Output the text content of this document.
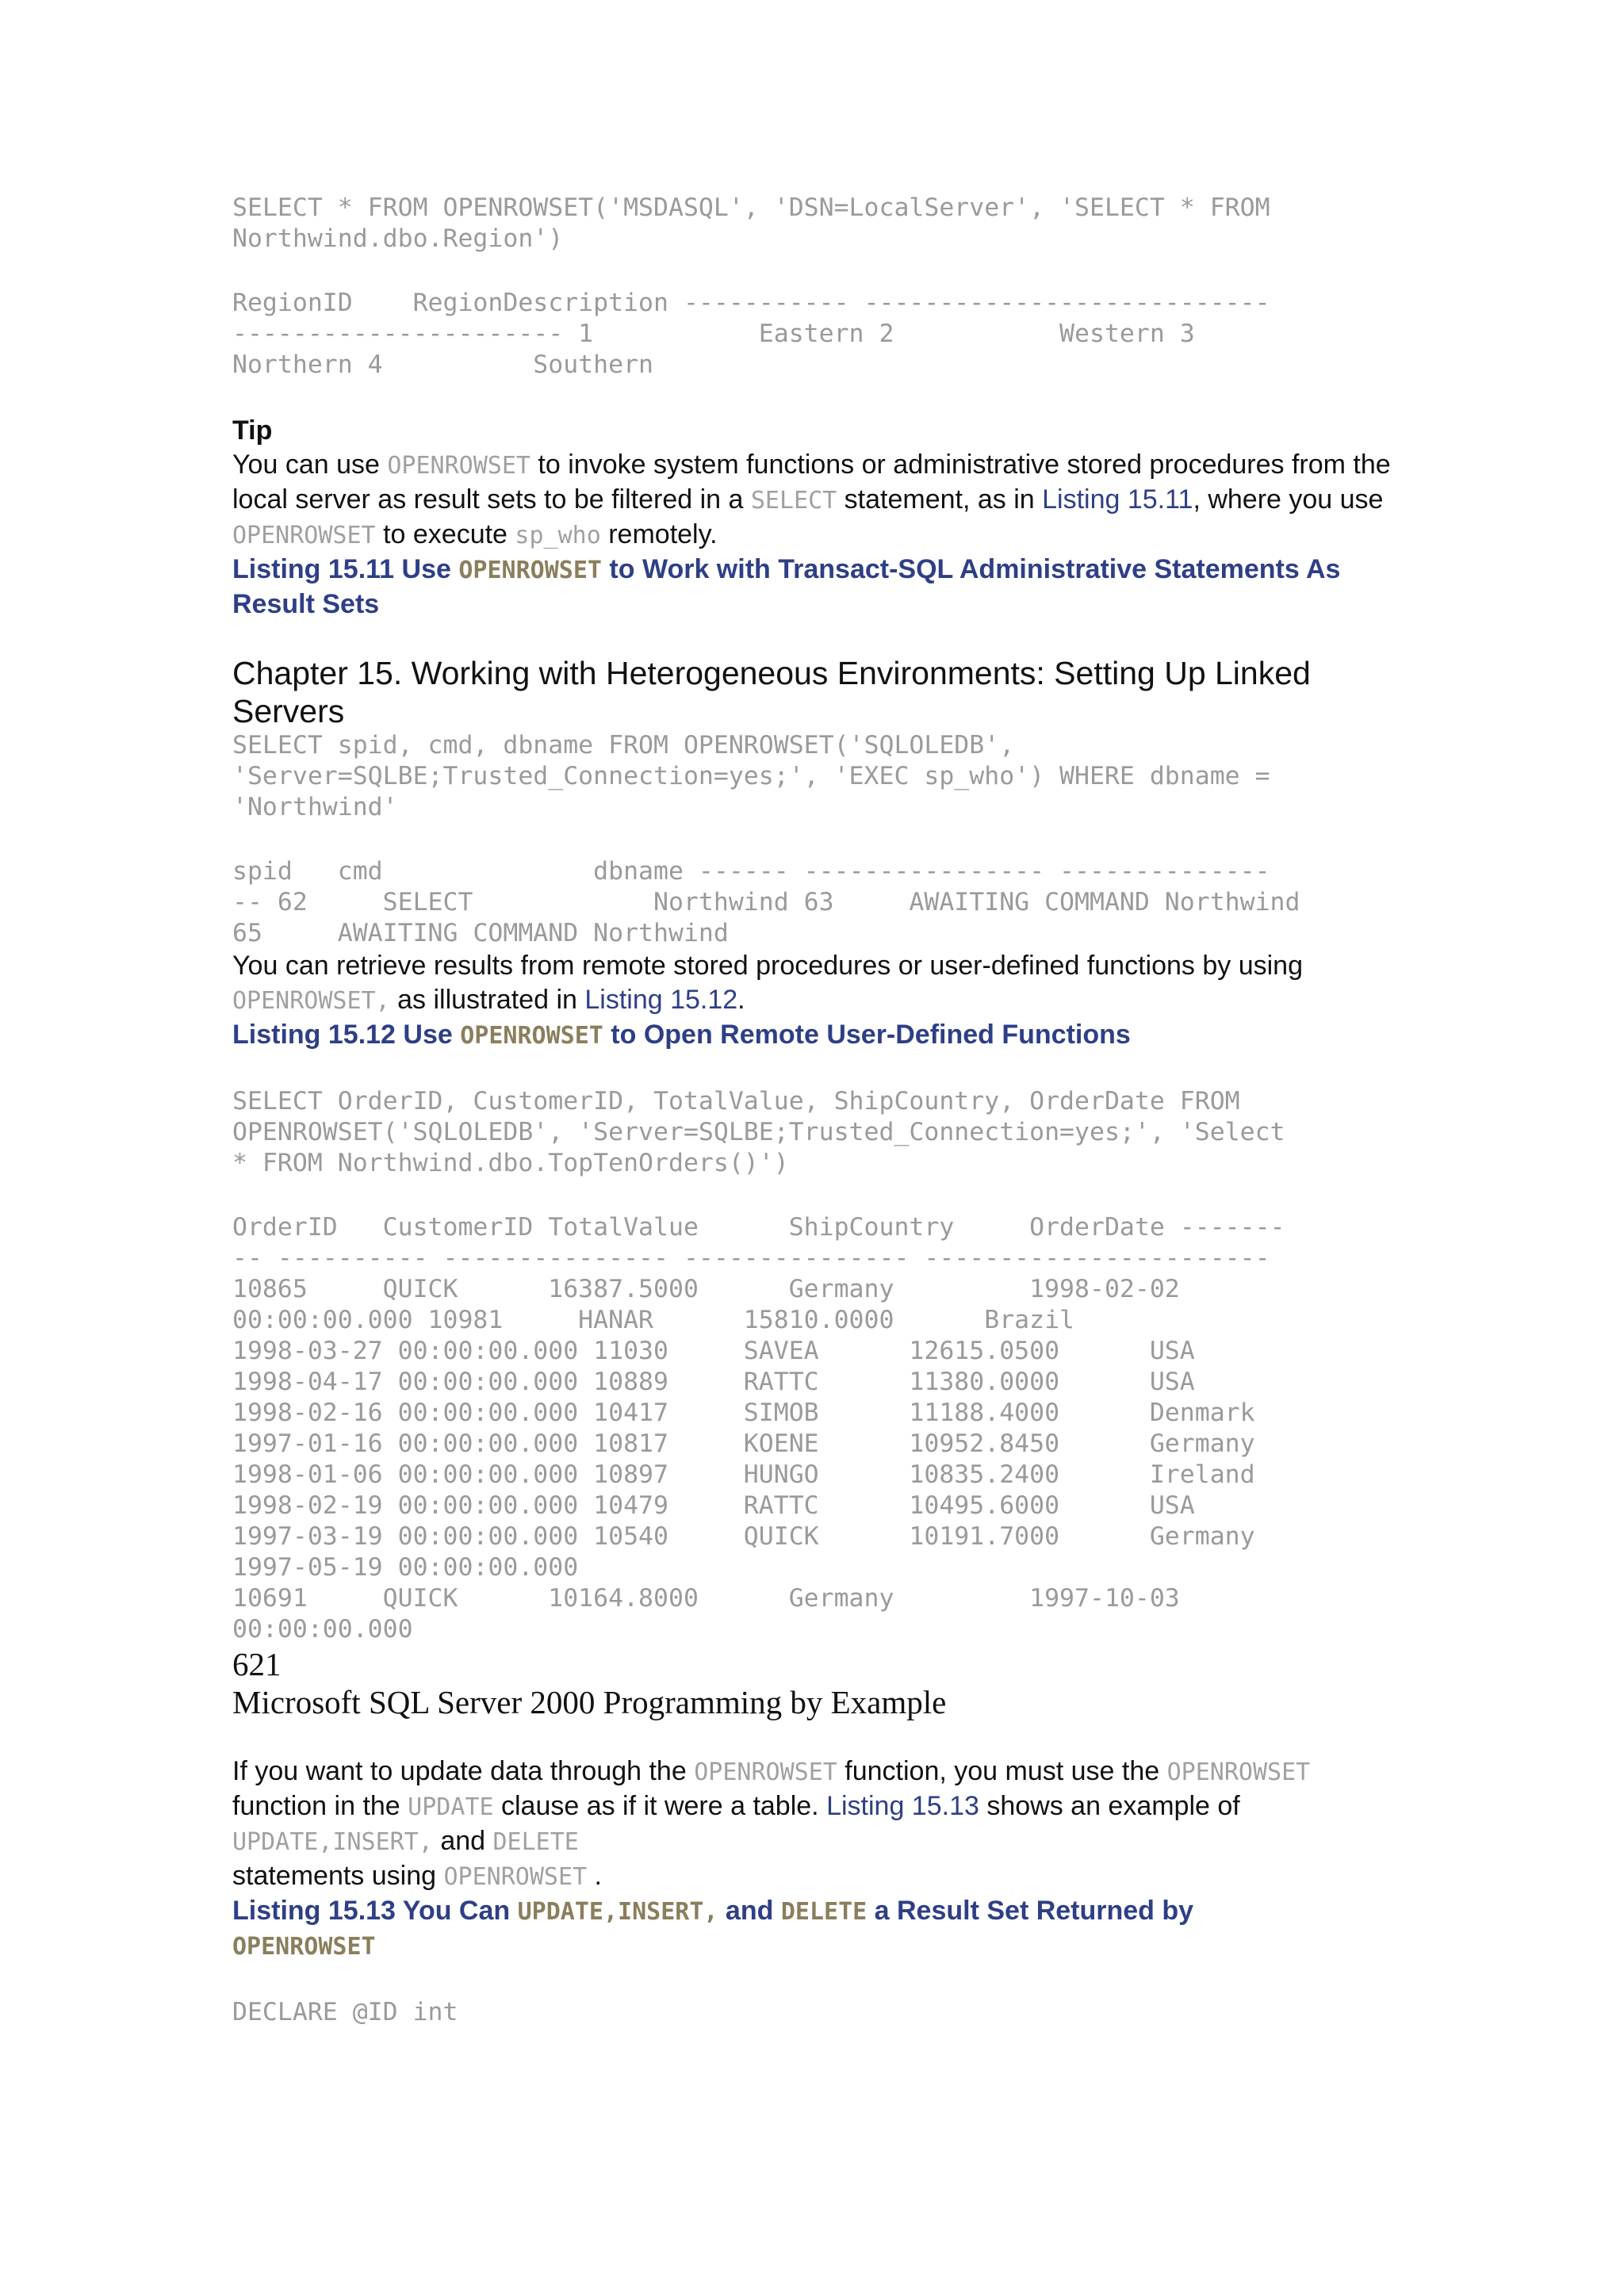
SELECT * FROM OPENROWSET('MSDASQL', 'DSN=LocalServer', 'SELECT * FROM
Northwind.dbo.Region')
RegionID    RegionDescription ----------- ---------------------------
---------------------- 1           Eastern 2           Western 3
Northern 4          Southern

Tip

You can use OPENROWSET to invoke system functions or administrative stored procedures from the local server as result sets to be filtered in a SELECT statement, as in Listing 15.11, where you use OPENROWSET to execute sp_who remotely.

Listing 15.11 Use OPENROWSET to Work with Transact-SQL Administrative Statements As Result Sets

Chapter 15. Working with Heterogeneous Environments: Setting Up Linked Servers

SELECT spid, cmd, dbname FROM OPENROWSET('SQLOLEDB',
'Server=SQLBE;Trusted_Connection=yes;', 'EXEC sp_who') WHERE dbname =
'Northwind'
spid   cmd              dbname ------ ---------------- --------------
-- 62     SELECT            Northwind 63     AWAITING COMMAND Northwind
65     AWAITING COMMAND Northwind

You can retrieve results from remote stored procedures or user-defined functions by using OPENROWSET, as illustrated in Listing 15.12.

Listing 15.12 Use OPENROWSET to Open Remote User-Defined Functions

SELECT OrderID, CustomerID, TotalValue, ShipCountry, OrderDate FROM
OPENROWSET('SQLOLEDB', 'Server=SQLBE;Trusted_Connection=yes;', 'Select
* FROM Northwind.dbo.TopTenOrders()')
OrderID   CustomerID TotalValue      ShipCountry     OrderDate -------
-- ---------- --------------- --------------- -----------------------
10865     QUICK      16387.5000      Germany         1998-02-02
00:00:00.000 10981     HANAR      15810.0000      Brazil
1998-03-27 00:00:00.000 11030     SAVEA      12615.0500      USA
1998-04-17 00:00:00.000 10889     RATTC      11380.0000      USA
1998-02-16 00:00:00.000 10417     SIMOB      11188.4000      Denmark
1997-01-16 00:00:00.000 10817     KOENE      10952.8450      Germany
1998-01-06 00:00:00.000 10897     HUNGO      10835.2400      Ireland
1998-02-19 00:00:00.000 10479     RATTC      10495.6000      USA
1997-03-19 00:00:00.000 10540     QUICK      10191.7000      Germany
1997-05-19 00:00:00.000
10691     QUICK      10164.8000      Germany         1997-10-03
00:00:00.000

621

Microsoft SQL Server 2000 Programming by Example

If you want to update data through the OPENROWSET function, you must use the OPENROWSET
function in the UPDATE clause as if it were a table. Listing 15.13 shows an example of
UPDATE,INSERT, and DELETE
statements using OPENROWSET .

Listing 15.13 You Can UPDATE,INSERT, and DELETE a Result Set Returned by
OPENROWSET

DECLARE @ID int
